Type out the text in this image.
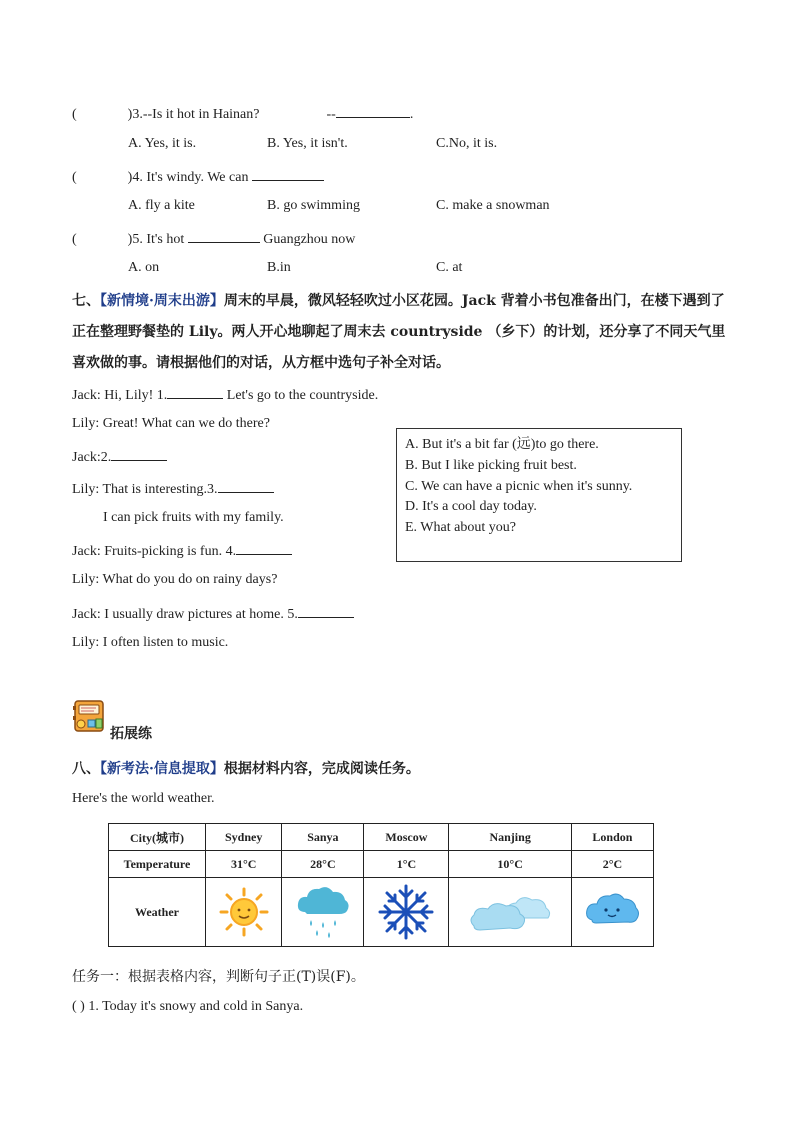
(	)3.--Is it hot in Hainan?	--	.
A. Yes, it is.	B. Yes, it isn't.	C.No, it is.
(	)4. It's windy. We can
A. fly a kite	B. go swimming	C. make a snowman
(	)5. It's hot	Guangzhou now
A. on	B.in	C. at
七、【新情境·周末出游】周末的早晨，微风轻轻吹过小区花园。Jack 背着小书包准备出门，在楼下遇到了正在整理野餐垫的 Lily。两人开心地聊起了周末去 countryside （乡下）的计划，还分享了不同天气里喜欢做的事。请根据他们的对话，从方框中选句子补全对话。
Jack: Hi, Lily! 1.	Let's go to the countryside.
Lily: Great! What can we do there?
Jack:2.
Lily: That is interesting.3.
I can pick fruits with my family.
Jack: Fruits-picking is fun. 4.
Lily: What do you do on rainy days?
Jack: I usually draw pictures at home. 5.
Lily: I often listen to music.
A. But it's a bit far (远)to go there.
B. But I like picking fruit best.
C. We can have a picnic when it's sunny.
D. It's a cool day today.
E. What about you?
拓展练
八、【新考法·信息提取】根据材料内容，完成阅读任务。
Here's the world weather.
City(城市)	Sydney	Sanya	Moscow	Nanjing	London
Temperature	31°C	28°C	1°C	10°C	2°C
Weather					
任务一：根据表格内容，判断句子正(T)误(F)。
( ) 1. Today it's snowy and cold in Sanya.
